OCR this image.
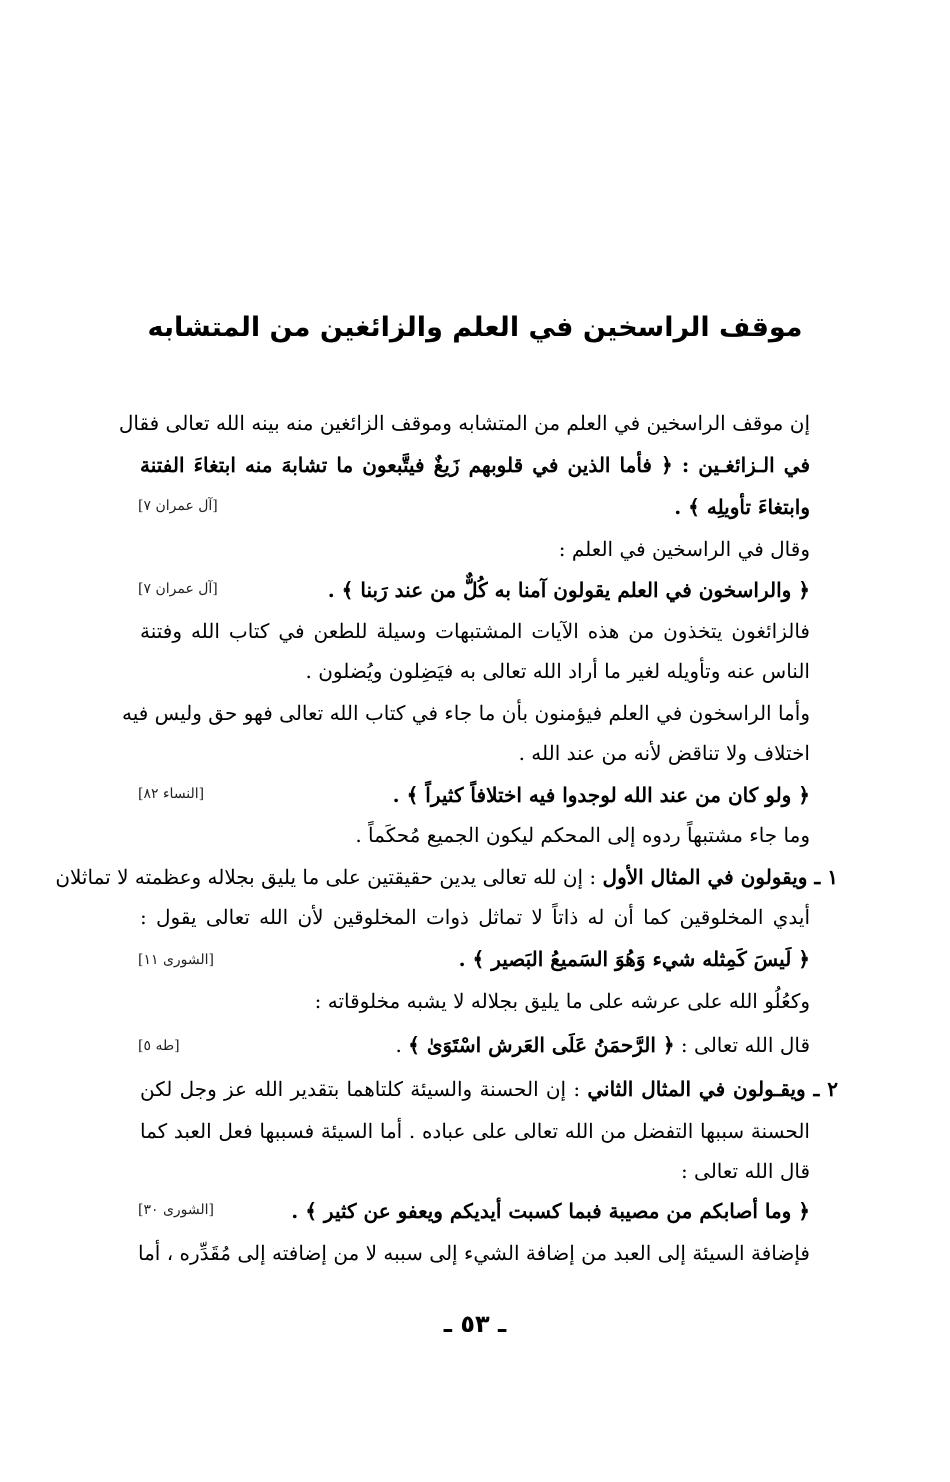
موقف الراسخين في العلم والزائغين من المتشابه
إن موقف الراسخين في العلم من المتشابه وموقف الزائغين منه بينه الله تعالى فقال
في الـزائغـين : ﴿ فأما الذين في قلوبهم زَيغٌ فيتَّبعون ما تشابهَ منه ابتغاءَ الفتنة
وابتغاءَ تأويلِه ﴾ .
[آل عمران ٧]
وقال في الراسخين في العلم :
﴿ والراسخون في العلم يقولون آمنا به كُلٌّ من عند رَبنا ﴾ .
[آل عمران ٧]
فالزائغون يتخذون من هذه الآيات المشتبهات وسيلة للطعن في كتاب الله وفتنة
الناس عنه وتأويله لغير ما أراد الله تعالى به فيَضِلون ويُضلون .
وأما الراسخون في العلم فيؤمنون بأن ما جاء في كتاب الله تعالى فهو حق وليس فيه
اختلاف ولا تناقض لأنه من عند الله .
﴿ ولو كان من عند الله لوجدوا فيه اختلافاً كثيراً ﴾ .
[النساء ٨٢]
وما جاء مشتبهاً ردوه إلى المحكم ليكون الجميع مُحكَماً .
١ ـ ويقولون في المثال الأول : إن لله تعالى يدين حقيقتين على ما يليق بجلاله وعظمته لا تماثلان
أيدي المخلوقين كما أن له ذاتاً لا تماثل ذوات المخلوقين لأن الله تعالى يقول :
﴿ لَيسَ كَمِثله شيء وَهُوَ السَميعُ البَصير ﴾ .
[الشورى ١١]
وكعُلُو الله على عرشه على ما يليق بجلاله لا يشبه مخلوقاته :
قال الله تعالى : ﴿ الرَّحمَنُ عَلَى العَرش اسْتَوَىٰ ﴾ .
[طه ٥]
٢ ـ ويقـولون في المثال الثاني : إن الحسنة والسيئة كلتاهما بتقدير الله عز وجل لكن
الحسنة سببها التفضل من الله تعالى على عباده . أما السيئة فسببها فعل العبد كما
قال الله تعالى :
﴿ وما أصابكم من مصيبة فبما كسبت أيديكم ويعفو عن كثير ﴾ .
[الشورى ٣٠]
فإضافة السيئة إلى العبد من إضافة الشيء إلى سببه لا من إضافته إلى مُقَدِّره ، أما
ـ ٥٣ ـ
